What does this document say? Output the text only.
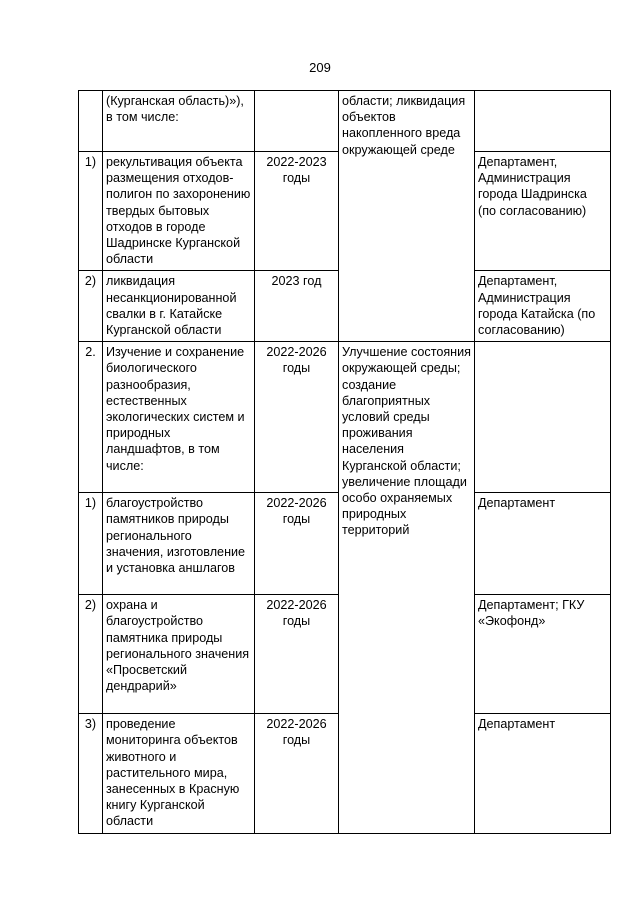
209
	(Курганская область)»), в том числе:		области; ликвидация объектов накопленного вреда окружающей среде	
1)	рекультивация объекта размещения отходов-полигон по захоронению твердых бытовых отходов в городе Шадринске Курганской области	2022-2023 годы		Департамент, Администрация города Шадринска (по согласованию)
2)	ликвидация несанкционированной свалки в г. Катайске Курганской области	2023 год		Департамент, Администрация города Катайска (по согласованию)
2.	Изучение и сохранение биологического разнообразия, естественных экологических систем и природных ландшафтов, в том числе:	2022-2026 годы	Улучшение состояния окружающей среды; создание благоприятных условий среды проживания населения Курганской области; увеличение площади особо охраняемых природных территорий	
1)	благоустройство памятников природы регионального значения, изготовление и установка аншлагов	2022-2026 годы		Департамент
2)	охрана и благоустройство памятника природы регионального значения «Просветский дендрарий»	2022-2026 годы		Департамент; ГКУ «Экофонд»
3)	проведение мониторинга объектов животного и растительного мира, занесенных в Красную книгу Курганской области	2022-2026 годы		Департамент
